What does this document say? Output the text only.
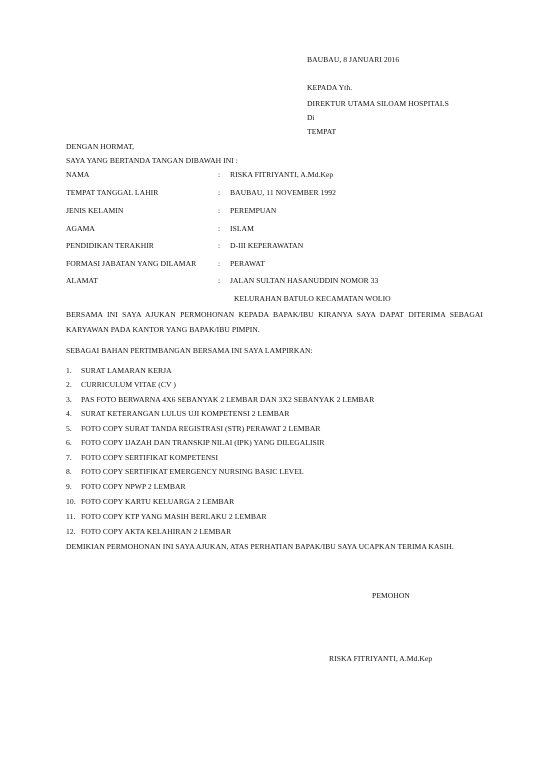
BAUBAU, 8 JANUARI 2016
KEPADA Yth.
DIREKTUR UTAMA SILOAM HOSPITALS
Di
TEMPAT
DENGAN HORMAT,
SAYA YANG BERTANDA TANGAN DIBAWAH INI :
NAMA	: RISKA FITRIYANTI, A.Md.Kep
TEMPAT TANGGAL LAHIR	: BAUBAU, 11 NOVEMBER 1992
JENIS KELAMIN	: PEREMPUAN
AGAMA	: ISLAM
PENDIDIKAN TERAKHIR	: D-III KEPERAWATAN
FORMASI JABATAN YANG DILAMAR	: PERAWAT
ALAMAT	: JALAN SULTAN HASANUDDIN NOMOR 33
KELURAHAN BATULO KECAMATAN WOLIO
BERSAMA INI SAYA AJUKAN PERMOHONAN KEPADA BAPAK/IBU KIRANYA SAYA DAPAT DITERIMA SEBAGAI KARYAWAN PADA KANTOR YANG BAPAK/IBU PIMPIN.
SEBAGAI BAHAN PERTIMBANGAN BERSAMA INI SAYA LAMPIRKAN:
1. SURAT LAMARAN KERJA
2. CURRICULUM VITAE (CV )
3. PAS FOTO BERWARNA 4X6 SEBANYAK 2 LEMBAR DAN 3X2 SEBANYAK 2 LEMBAR
4. SURAT KETERANGAN LULUS UJI KOMPETENSI 2 LEMBAR
5. FOTO COPY SURAT TANDA REGISTRASI (STR) PERAWAT 2 LEMBAR
6. FOTO COPY IJAZAH DAN TRANSKIP NILAI (IPK) YANG DILEGALISIR
7. FOTO COPY SERTIFIKAT KOMPETENSI
8. FOTO COPY SERTIFIKAT EMERGENCY NURSING BASIC LEVEL
9. FOTO COPY NPWP 2 LEMBAR
10. FOTO COPY KARTU KELUARGA 2 LEMBAR
11. FOTO COPY KTP YANG MASIH BERLAKU 2 LEMBAR
12. FOTO COPY AKTA KELAHIRAN 2 LEMBAR
DEMIKIAN PERMOHONAN INI SAYA AJUKAN, ATAS PERHATIAN BAPAK/IBU SAYA UCAPKAN TERIMA KASIH.
PEMOHON
RISKA FITRIYANTI, A.Md.Kep
